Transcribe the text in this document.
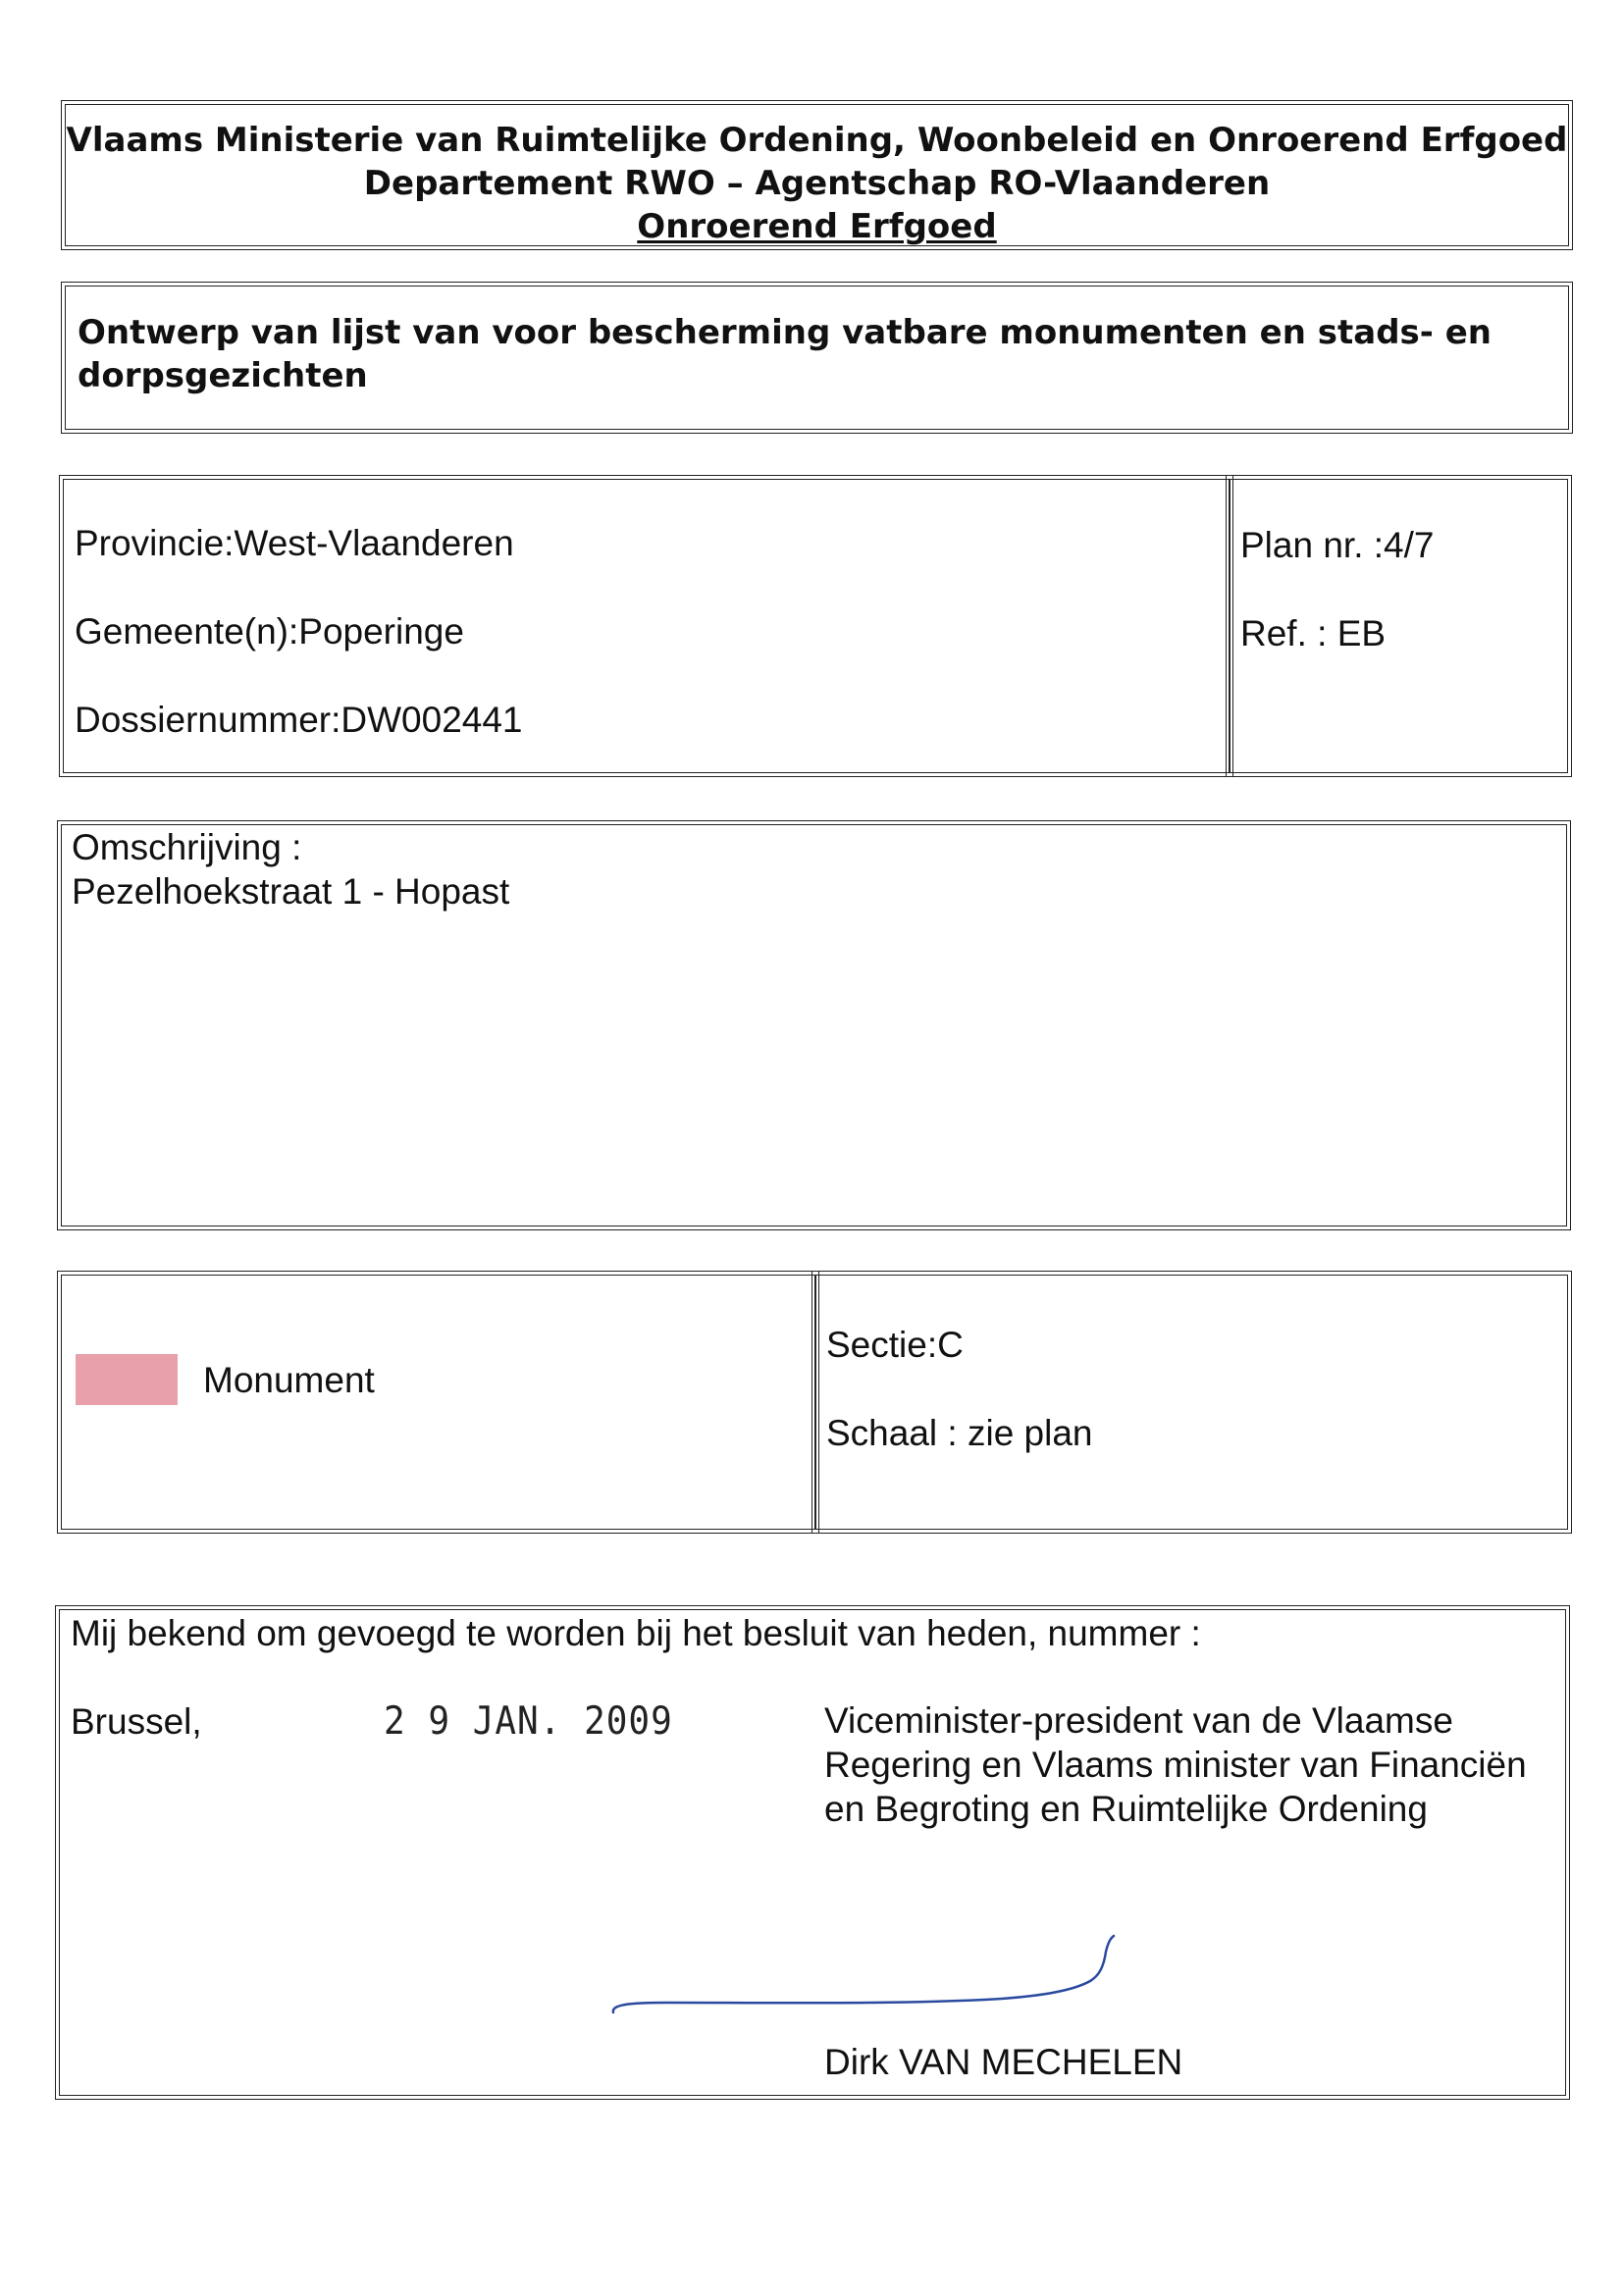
Vlaams Ministerie van Ruimtelijke Ordening, Woonbeleid en Onroerend Erfgoed
Departement RWO – Agentschap RO-Vlaanderen
Onroerend Erfgoed
Ontwerp van lijst van voor bescherming vatbare monumenten en stads- en dorpsgezichten
Provincie:West-Vlaanderen
Gemeente(n):Poperinge
Dossiernummer:DW002441
Plan nr. :4/7
Ref. : EB
Omschrijving :
Pezelhoekstraat 1 - Hopast
Monument
Sectie:C
Schaal : zie plan
Mij bekend om gevoegd te worden bij het besluit van heden, nummer :
Brussel,	2 9 JAN. 2009	Viceminister-president van de Vlaamse Regering en Vlaams minister van Financiën en Begroting en Ruimtelijke Ordening
Dirk VAN MECHELEN
